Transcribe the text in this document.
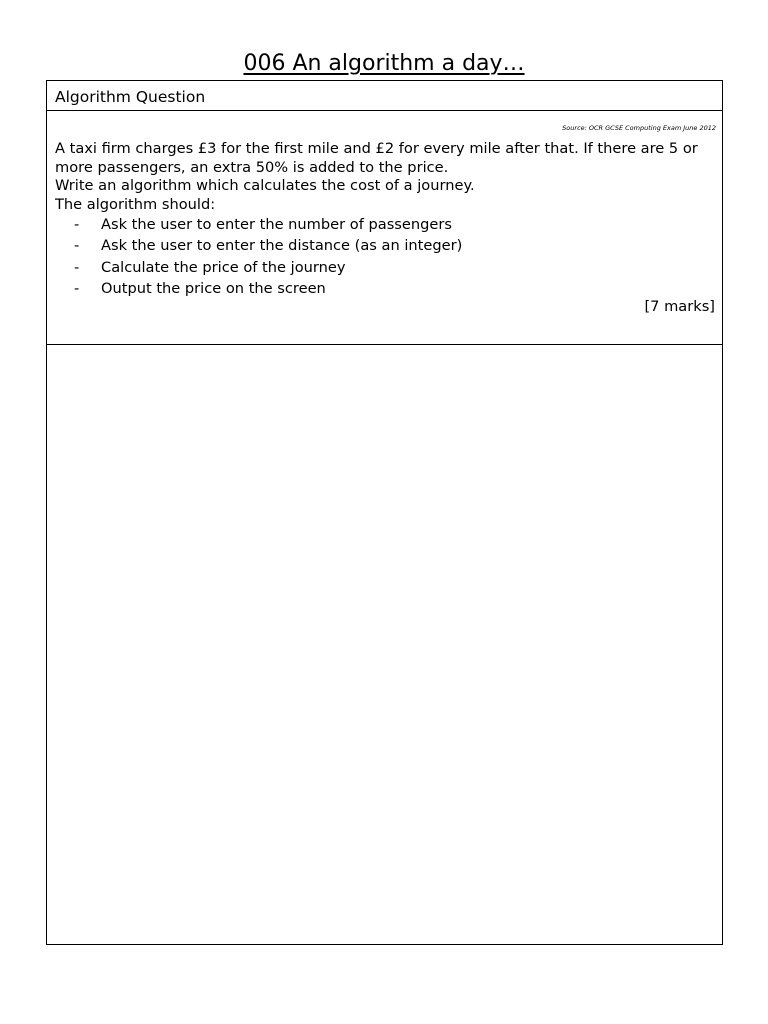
006 An algorithm a day…
Algorithm Question
Source: OCR GCSE Computing Exam June 2012

A taxi firm charges £3 for the first mile and £2 for every mile after that. If there are 5 or more passengers, an extra 50% is added to the price.

Write an algorithm which calculates the cost of a journey.

The algorithm should:

- Ask the user to enter the number of passengers
- Ask the user to enter the distance (as an integer)
- Calculate the price of the journey
- Output the price on the screen
[7 marks]
